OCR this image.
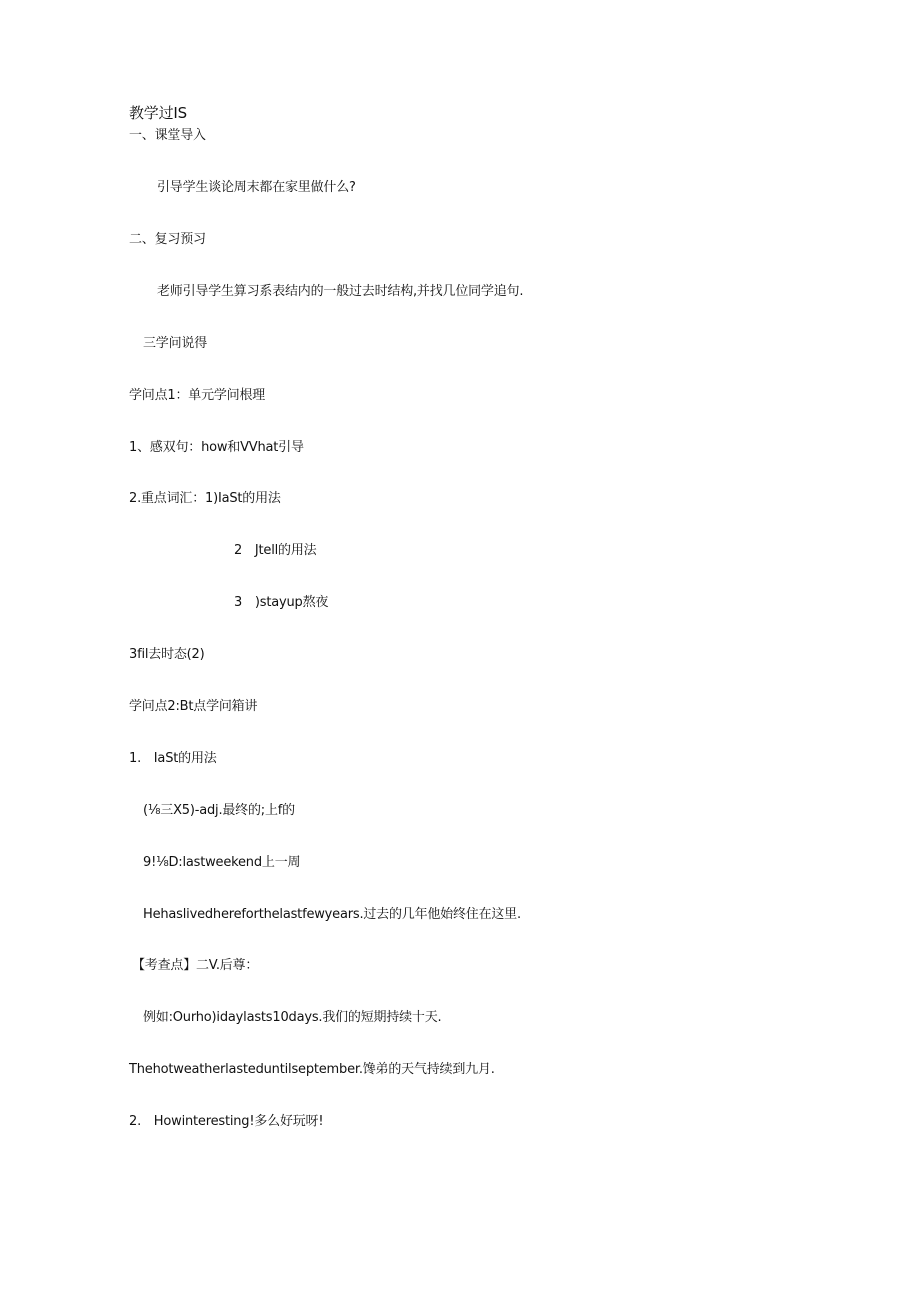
教学过IS
一、课堂导入
引导学生谈论周末都在家里做什么?
二、复习预习
老师引导学生算习系表结内的一般过去时结构,并找几位同学追句.
三学问说得
学问点1：单元学问根理
1、感双句：how和VVhat引导
2.重点词汇：1)IaSt的用法
2　Jtell的用法
3　)stayup熬夜
3fil去时态(2)
学问点2:Bt点学问箱讲
1.　IaSt的用法
(⅛三X5)-adj.最终的;上f的
9!⅛D:lastweekend上一周
Hehaslivedhereforthelastfewyears.过去的几年他始终住在这里.
【考查点】二V.后尊：
例如:Ourho)idaylasts10days.我们的短期持续十天.
Thehotweatherlasteduntilseptember.馋弟的天气持续到九月.
2.　Howinteresting!多么好玩呀!
